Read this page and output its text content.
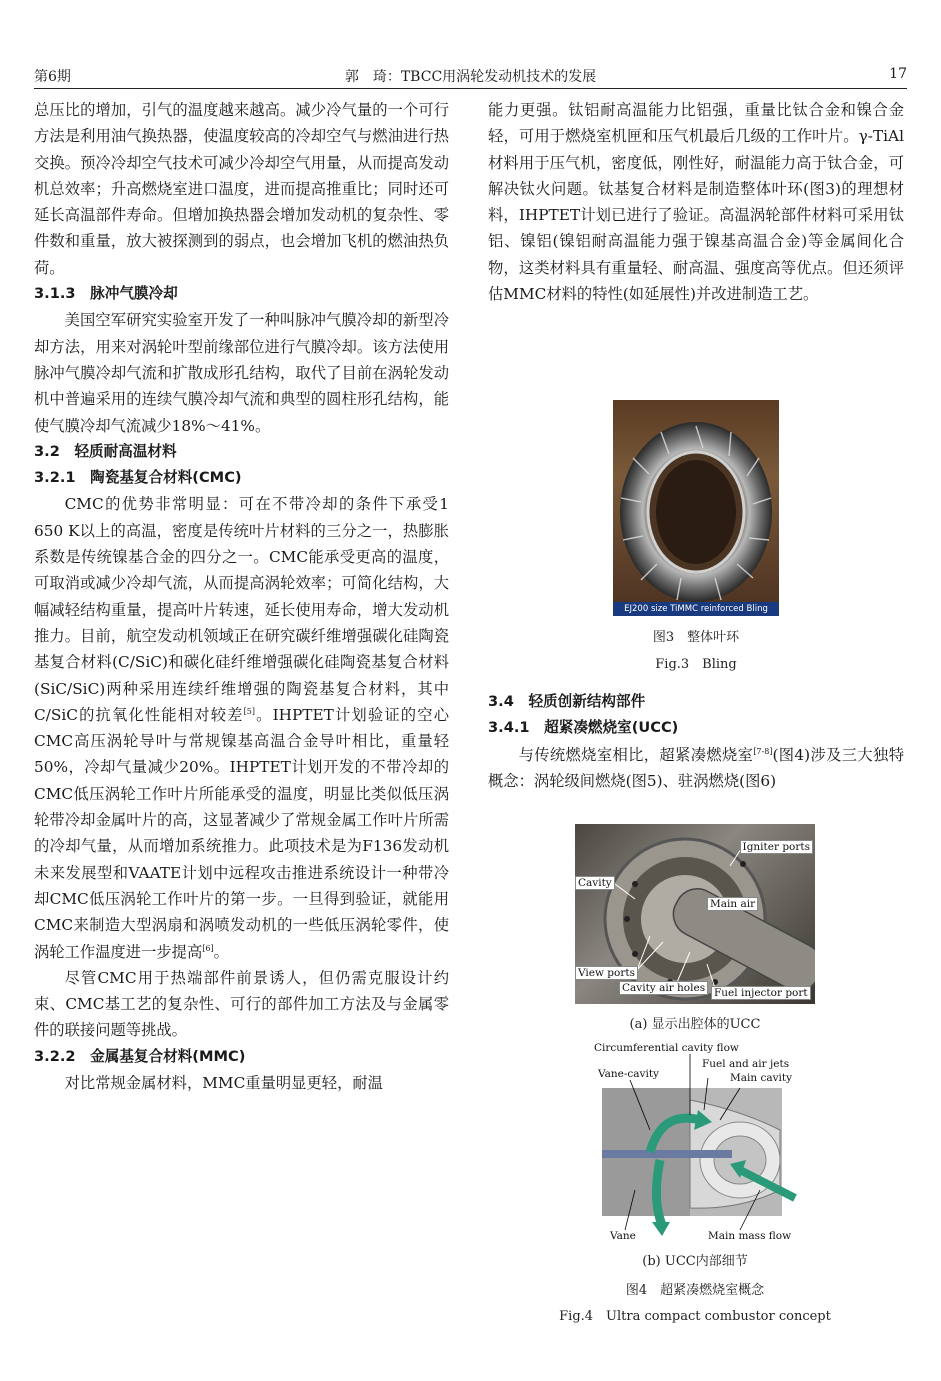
第6期	郭　琦：TBCC用涡轮发动机技术的发展	17

总压比的增加，引气的温度越来越高。减少冷气量的一个可行方法是利用油气换热器，使温度较高的冷却空气与燃油进行热交换。预冷冷却空气技术可减少冷却空气用量，从而提高发动机总效率；升高燃烧室进口温度，进而提高推重比；同时还可延长高温部件寿命。但增加换热器会增加发动机的复杂性、零件数和重量，放大被探测到的弱点，也会增加飞机的燃油热负荷。

3.1.3　脉冲气膜冷却

美国空军研究实验室开发了一种叫脉冲气膜冷却的新型冷却方法，用来对涡轮叶型前缘部位进行气膜冷却。该方法使用脉冲气膜冷却气流和扩散成形孔结构，取代了目前在涡轮发动机中普遍采用的连续气膜冷却气流和典型的圆柱形孔结构，能使气膜冷却气流减少18%～41%。

3.2　轻质耐高温材料
3.2.1　陶瓷基复合材料(CMC)

CMC的优势非常明显：可在不带冷却的条件下承受1 650 K以上的高温，密度是传统叶片材料的三分之一，热膨胀系数是传统镍基合金的四分之一。CMC能承受更高的温度，可取消或减少冷却气流，从而提高涡轮效率；可简化结构，大幅减轻结构重量，提高叶片转速，延长使用寿命，增大发动机推力。目前，航空发动机领域正在研究碳纤维增强碳化硅陶瓷基复合材料(C/SiC)和碳化硅纤维增强碳化硅陶瓷基复合材料(SiC/SiC)两种采用连续纤维增强的陶瓷基复合材料，其中C/SiC的抗氧化性能相对较差[5]。IHPTET计划验证的空心CMC高压涡轮导叶与常规镍基高温合金导叶相比，重量轻50%，冷却气量减少20%。IHPTET计划开发的不带冷却的CMC低压涡轮工作叶片所能承受的温度，明显比类似低压涡轮带冷却金属叶片的高，这显著减少了常规金属工作叶片所需的冷却气量，从而增加系统推力。此项技术是为F136发动机未来发展型和VAATE计划中远程攻击推进系统设计一种带冷却CMC低压涡轮工作叶片的第一步。一旦得到验证，就能用CMC来制造大型涡扇和涡喷发动机的一些低压涡轮零件，使涡轮工作温度进一步提高[6]。

尽管CMC用于热端部件前景诱人，但仍需克服设计约束、CMC基工艺的复杂性、可行的部件加工方法及与金属零件的联接问题等挑战。

3.2.2　金属基复合材料(MMC)

对比常规金属材料，MMC重量明显更轻，耐温

能力更强。钛铝耐高温能力比铝强，重量比钛合金和镍合金轻，可用于燃烧室机匣和压气机最后几级的工作叶片。γ-TiAl材料用于压气机，密度低，刚性好，耐温能力高于钛合金，可解决钛火问题。钛基复合材料是制造整体叶环(图3)的理想材料，IHPTET计划已进行了验证。高温涡轮部件材料可采用钛铝、镍铝(镍铝耐高温能力强于镍基高温合金)等金属间化合物，这类材料具有重量轻、耐高温、强度高等优点。但还须评估MMC材料的特性(如延展性)并改进制造工艺。

EJ200 size TiMMC reinforced Bling
图3　整体叶环
Fig.3　Bling
3.4　轻质创新结构部件
3.4.1　超紧凑燃烧室(UCC)

与传统燃烧室相比，超紧凑燃烧室[7-8](图4)涉及三大独特概念：涡轮级间燃烧(图5)、驻涡燃烧(图6)

Igniter ports
Cavity
Main air
View ports
Cavity air holes Fuel injector port
(a) 显示出腔体的UCC
Circumferential cavity flow
Fuel and air jets
Vane-cavity	Main cavity
Vane	Main mass flow
(b) UCC内部细节
图4　超紧凑燃烧室概念
Fig.4　Ultra compact combustor concept
